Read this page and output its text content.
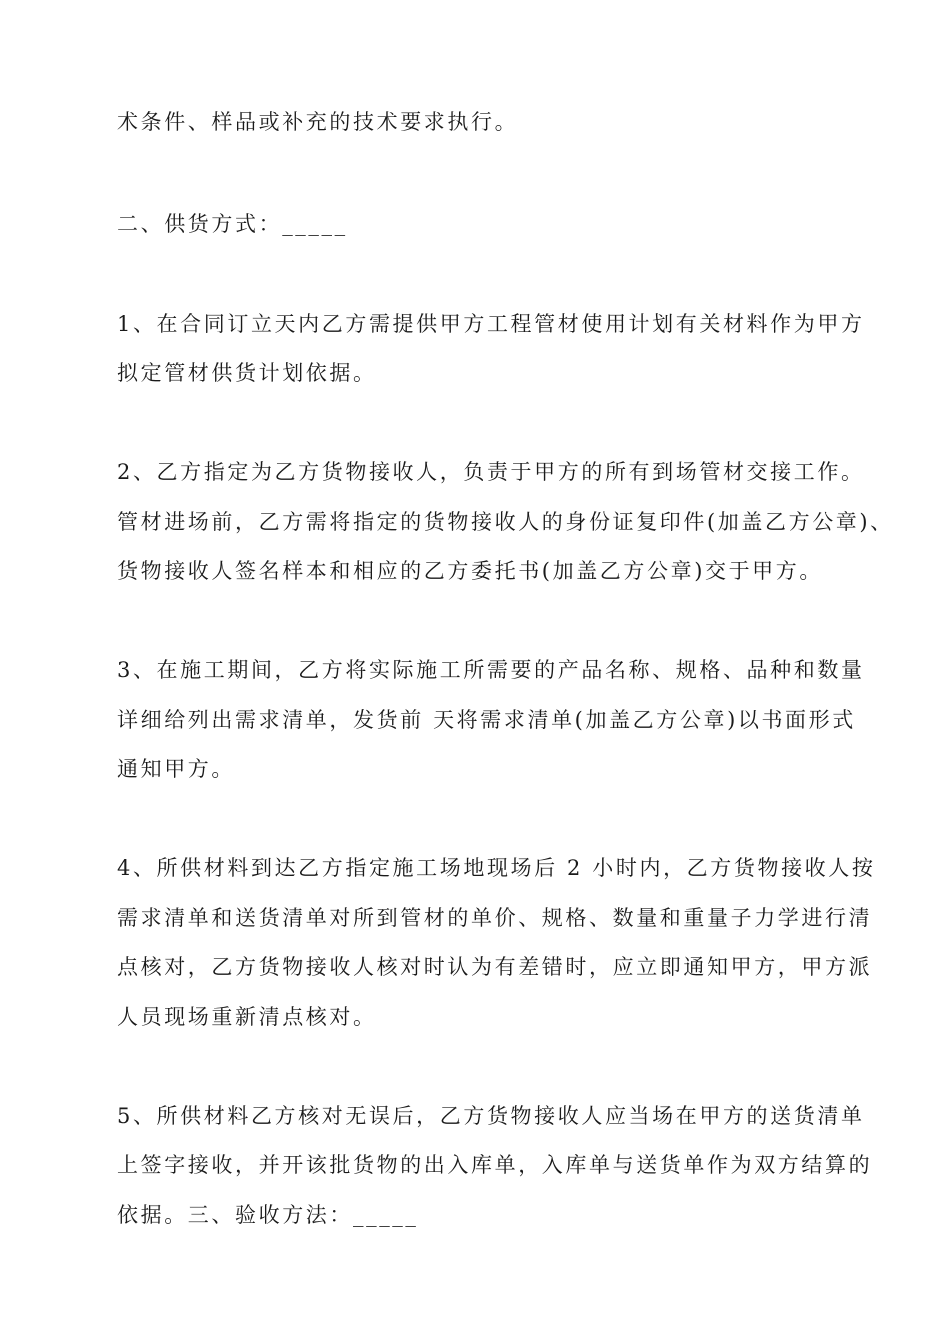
术条件、样品或补充的技术要求执行。
二、供货方式：_____
1、在合同订立天内乙方需提供甲方工程管材使用计划有关材料作为甲方
拟定管材供货计划依据。
2、乙方指定为乙方货物接收人，负责于甲方的所有到场管材交接工作。
管材进场前，乙方需将指定的货物接收人的身份证复印件(加盖乙方公章)、
货物接收人签名样本和相应的乙方委托书(加盖乙方公章)交于甲方。
3、在施工期间，乙方将实际施工所需要的产品名称、规格、品种和数量
详细给列出需求清单，发货前 天将需求清单(加盖乙方公章)以书面形式
通知甲方。
4、所供材料到达乙方指定施工场地现场后 2 小时内，乙方货物接收人按
需求清单和送货清单对所到管材的单价、规格、数量和重量子力学进行清
点核对，乙方货物接收人核对时认为有差错时，应立即通知甲方，甲方派
人员现场重新清点核对。
5、所供材料乙方核对无误后，乙方货物接收人应当场在甲方的送货清单
上签字接收，并开该批货物的出入库单，入库单与送货单作为双方结算的
依据。三、验收方法：_____
